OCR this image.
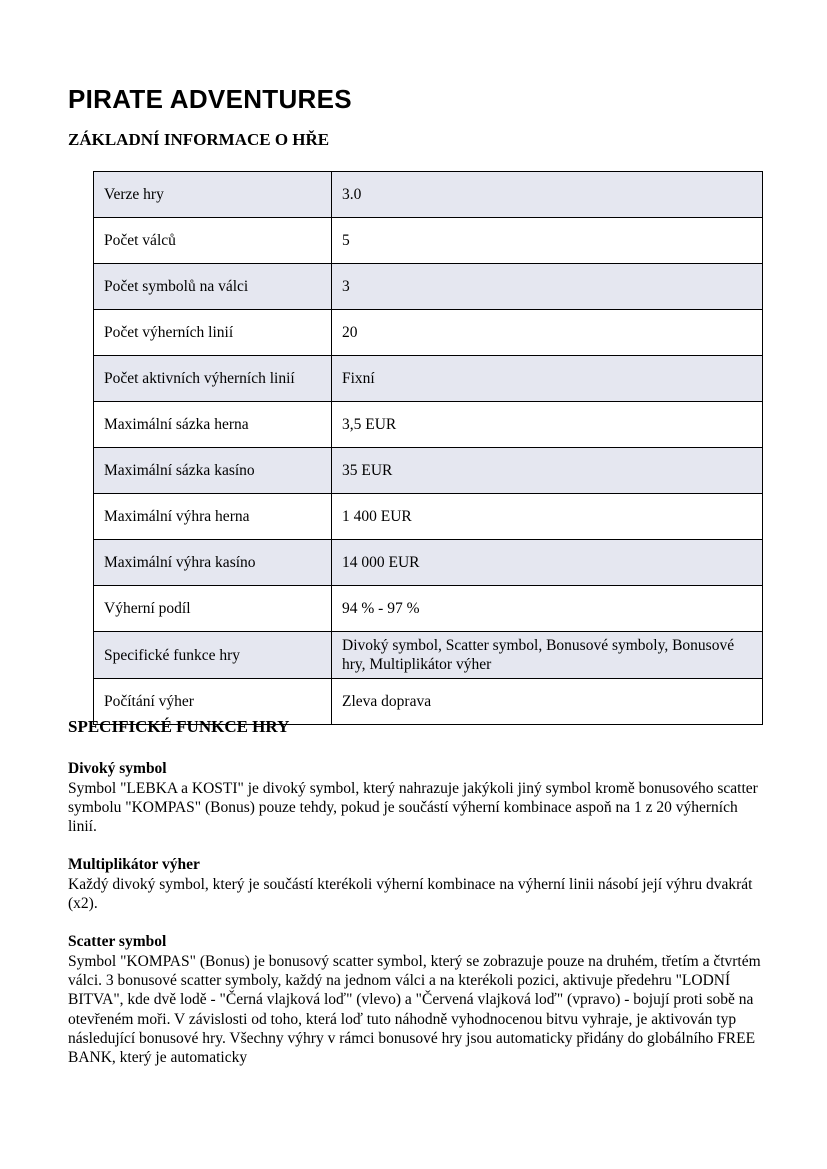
PIRATE ADVENTURES
ZÁKLADNÍ INFORMACE O HŘE
Verze hry	3.0
Počet válců	5
Počet symbolů na válci	3
Počet výherních linií	20
Počet aktivních výherních linií	Fixní
Maximální sázka herna	3,5 EUR
Maximální sázka kasíno	35 EUR
Maximální výhra herna	1 400 EUR
Maximální výhra kasíno	14 000 EUR
Výherní podíl	94 % - 97 %
Specifické funkce hry	Divoký symbol, Scatter symbol, Bonusové symboly, Bonusové hry, Multiplikátor výher
Počítání výher	Zleva doprava
SPECIFICKÉ FUNKCE HRY

Divoký symbol

Symbol "LEBKA a KOSTI" je divoký symbol, který nahrazuje jakýkoli jiný symbol kromě bonusového scatter symbolu "KOMPAS" (Bonus) pouze tehdy, pokud je součástí výherní kombinace aspoň na 1 z 20 výherních linií.

Multiplikátor výher

Každý divoký symbol, který je součástí kterékoli výherní kombinace na výherní linii násobí její výhru dvakrát (x2).

Scatter symbol

Symbol "KOMPAS" (Bonus) je bonusový scatter symbol, který se zobrazuje pouze na druhém, třetím a čtvrtém válci. 3 bonusové scatter symboly, každý na jednom válci a na kterékoli pozici, aktivuje předehru "LODNÍ BITVA", kde dvě lodě - "Černá vlajková loď" (vlevo) a "Červená vlajková loď" (vpravo) - bojují proti sobě na otevřeném moři. V závislosti od toho, která loď tuto náhodně vyhodnocenou bitvu vyhraje, je aktivován typ následující bonusové hry. Všechny výhry v rámci bonusové hry jsou automaticky přidány do globálního FREE BANK, který je automaticky
